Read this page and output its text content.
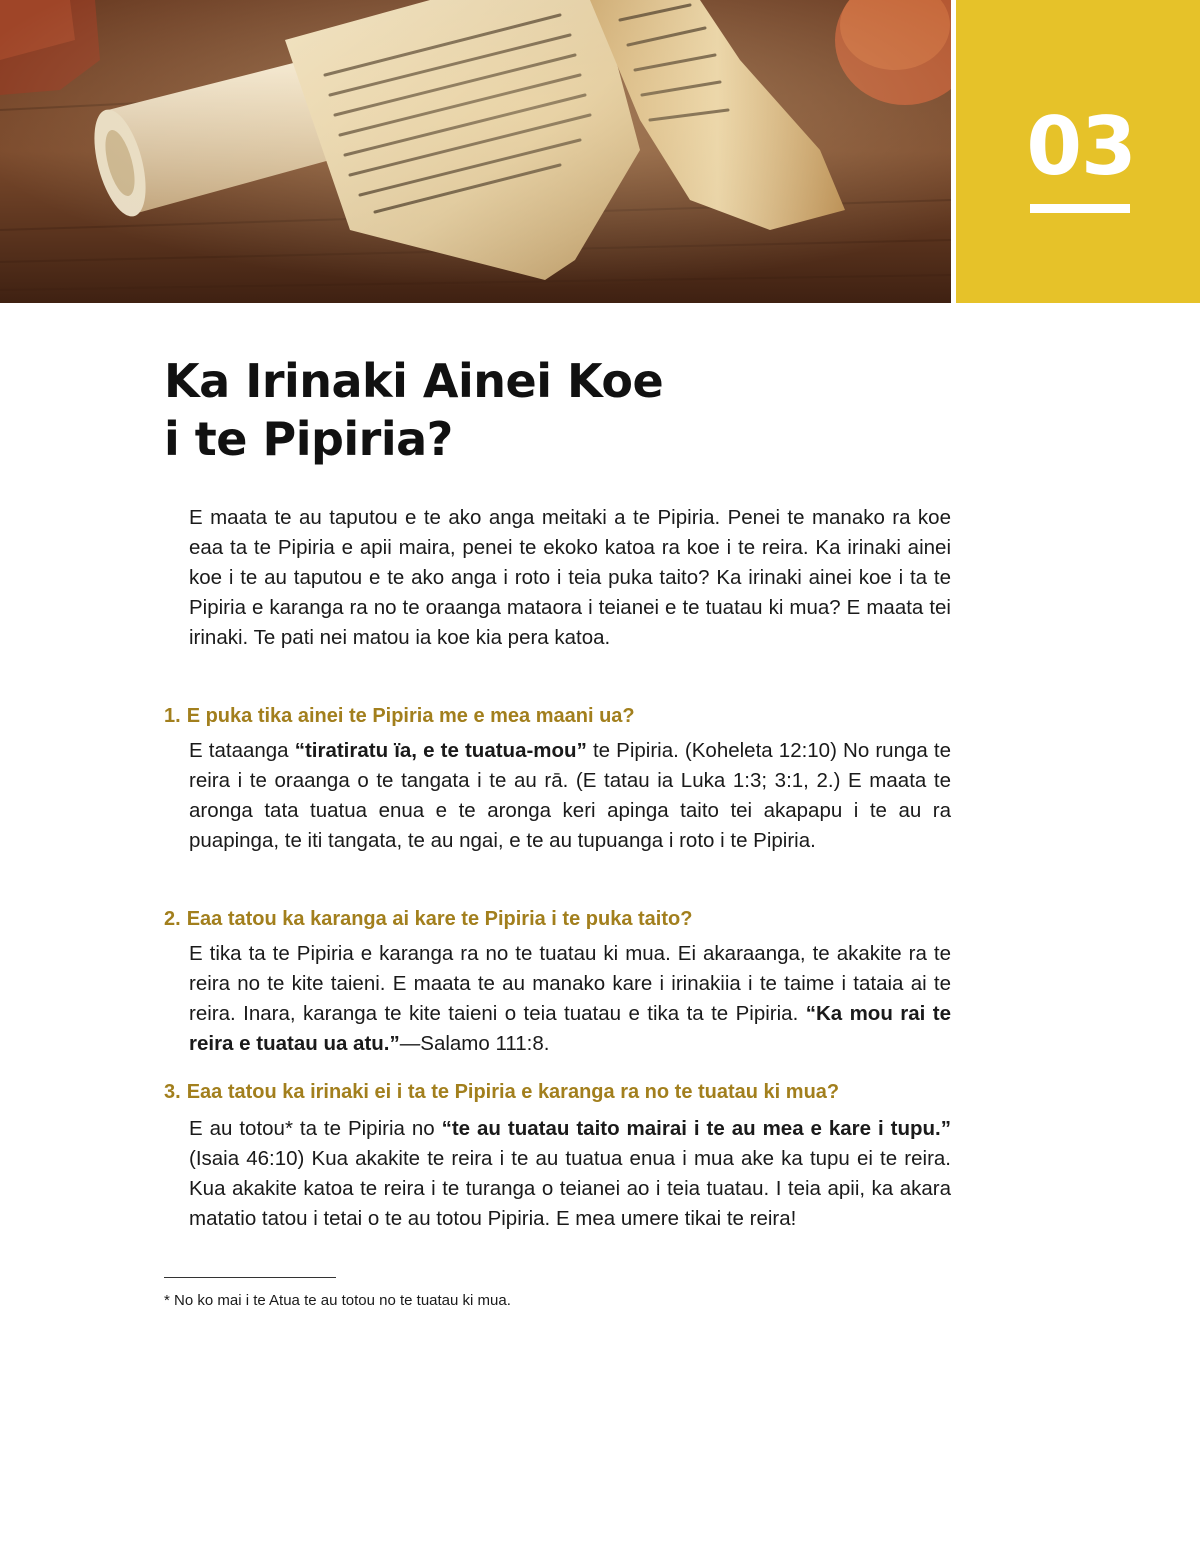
03
Ka Irinaki Ainei Koe
i te Pipiria?

E maata te au taputou e te ako anga meitaki a te Pipiria. Penei te manako ra koe eaa ta te Pipiria e apii maira, penei te ekoko katoa ra koe i te reira. Ka irinaki ainei koe i te au taputou e te ako anga i roto i teia puka taito? Ka irinaki ainei koe i ta te Pipiria e karanga ra no te oraanga mataora i teianei e te tuatau ki mua? E maata tei irinaki. Te pati nei matou ia koe kia pera katoa.

1. E puka tika ainei te Pipiria me e mea maani ua?

E tataanga “tiratiratu ïa, e te tuatua-mou” te Pipiria. (Koheleta 12:10) No runga te reira i te oraanga o te tangata i te au rā. (E tatau ia Luka 1:3; 3:1, 2.) E maata te aronga tata tuatua enua e te aronga keri apinga taito tei akapapu i te au ra puapinga, te iti tangata, te au ngai, e te au tupuanga i roto i te Pipiria.

2. Eaa tatou ka karanga ai kare te Pipiria i te puka taito?

E tika ta te Pipiria e karanga ra no te tuatau ki mua. Ei akaraanga, te akakite ra te reira no te kite taieni. E maata te au manako kare i irinakiia i te taime i tataia ai te reira. Inara, karanga te kite taieni o teia tuatau e tika ta te Pipiria. “Ka mou rai te reira e tuatau ua atu.”—Salamo 111:8.

3. Eaa tatou ka irinaki ei i ta te Pipiria e karanga ra no te tuatau ki mua?

E au totou* ta te Pipiria no “te au tuatau taito mairai i te au mea e kare i tupu.” (Isaia 46:10) Kua akakite te reira i te au tuatua enua i mua ake ka tupu ei te reira. Kua akakite katoa te reira i te turanga o teianei ao i teia tuatau. I teia apii, ka akara matatio tatou i tetai o te au totou Pipiria. E mea umere tikai te reira!

* No ko mai i te Atua te au totou no te tuatau ki mua.
